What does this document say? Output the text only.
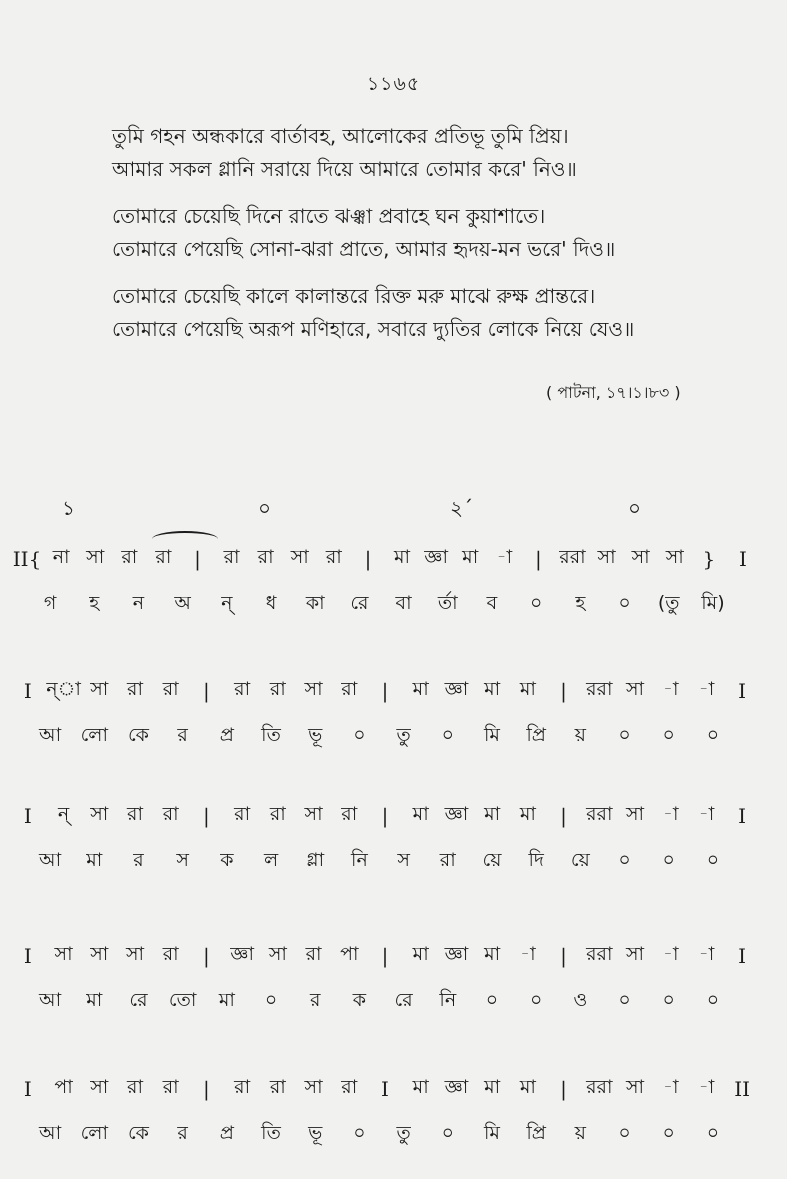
১১৬৫
তুমি গহন অন্ধকারে বার্তাবহ, আলোকের প্রতিভূ তুমি প্রিয়।
আমার সকল গ্লানি সরায়ে দিয়ে আমারে তোমার করে' নিও॥
তোমারে চেয়েছি দিনে রাতে ঝঞ্ঝা প্রবাহে ঘন কুয়াশাতে।
তোমারে পেয়েছি সোনা-ঝরা প্রাতে, আমার হৃদয়-মন ভরে' দিও॥
তোমারে চেয়েছি কালে কালান্তরে রিক্ত মরু মাঝে রুক্ষ প্রান্তরে।
তোমারে পেয়েছি অরূপ মণিহারে, সবারে দ্যুতির লোকে নিয়ে যেও॥
( পাটনা, ১৭।১।৮৩ )
১	০	২´	০
II{ না সা রা রা	|	রা রা সা রা	|	মা জ্ঞা মা -া	| ররা সা সা সা }	I
গ	হ	ন	অ	ন্	ধ	কা	রে	বা	র্তা	ব	০	হ	০	(তু	মি)
I ন্া সা রা	রা	|	রা	রা সা রা	|	মা জ্ঞা মা	মা	|	ররা সা -া	-া	I
আ	লো	কে	র	প্র	তি	ভূ	০	তু	০	মি	প্রি	য়	০	০	০
I	ন্	সা রা	রা	|	রা	রা সা রা	|	মা জ্ঞা মা	মা	|	ররা সা -া	-া	I
আ	মা	র	স	ক	ল	গ্লা	নি	স	রা	য়ে	দি	য়ে	০	০	০
I	সা সা সা রা	|	জ্ঞা সা রা পা	|	মা জ্ঞা মা	-া	|	ররা সা -া	-া	I
আ	মা	রে	তো	মা	০	র	ক	রে	নি	০	০	ও	০	০	০
I	পা সা রা	রা	|	রা	রা সা রা	I	মা জ্ঞা মা	মা	|	ররা সা -া	-া II
আ	লো	কে	র	প্র	তি	ভূ	০	তু	০	মি	প্রি	য়	০	০	০
